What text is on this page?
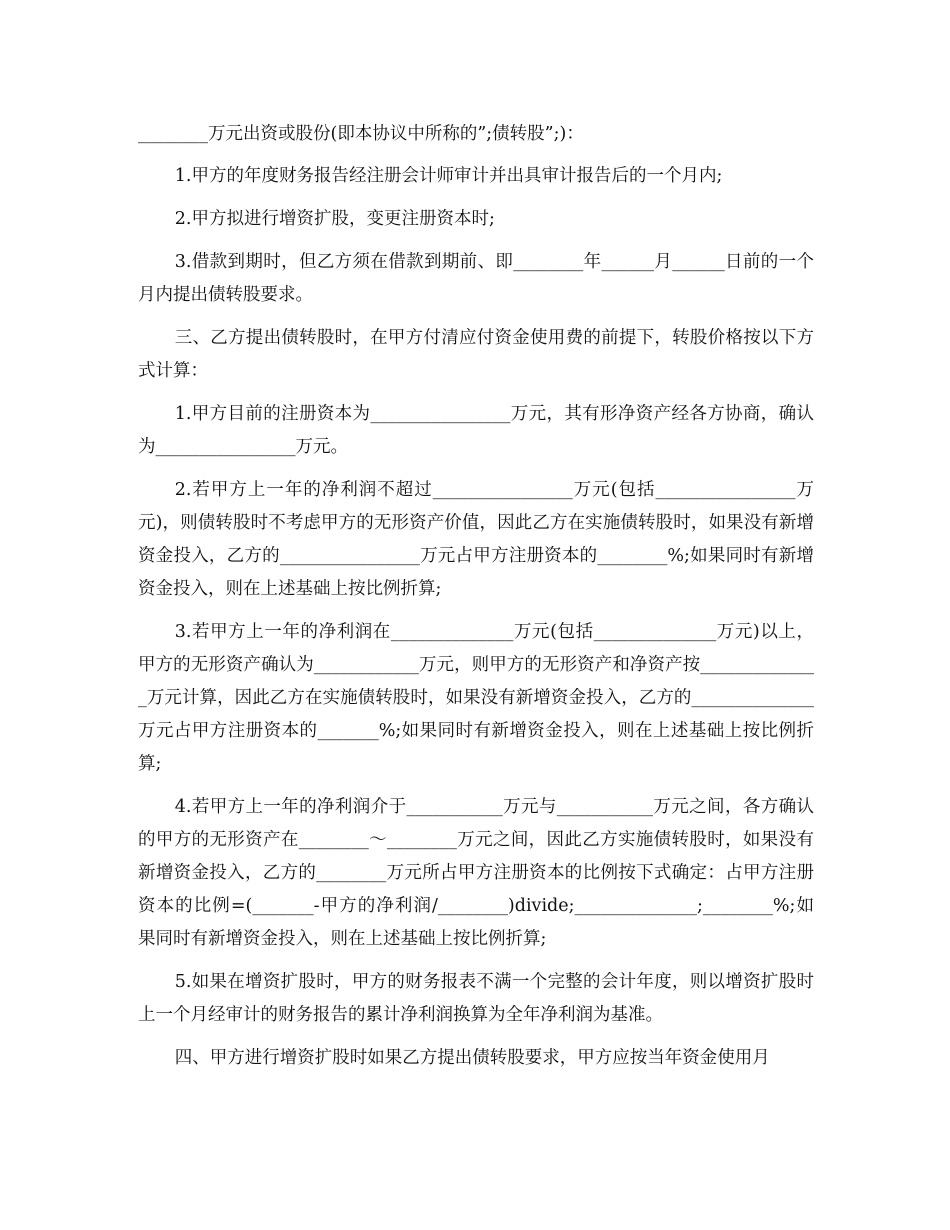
________万元出资或股份(即本协议中所称的”;债转股”;)：

1.甲方的年度财务报告经注册会计师审计并出具审计报告后的一个月内;

2.甲方拟进行增资扩股，变更注册资本时;

3.借款到期时，但乙方须在借款到期前、即________年______月______日前的一个月内提出债转股要求。

三、乙方提出债转股时，在甲方付清应付资金使用费的前提下，转股价格按以下方式计算：

1.甲方目前的注册资本为________________万元，其有形净资产经各方协商，确认为________________万元。

2.若甲方上一年的净利润不超过________________万元(包括________________万元)，则债转股时不考虑甲方的无形资产价值，因此乙方在实施债转股时，如果没有新增资金投入，乙方的________________万元占甲方注册资本的________%;如果同时有新增资金投入，则在上述基础上按比例折算;

3.若甲方上一年的净利润在______________万元(包括______________万元)以上，甲方的无形资产确认为____________万元，则甲方的无形资产和净资产按______________万元计算，因此乙方在实施债转股时，如果没有新增资金投入，乙方的______________万元占甲方注册资本的_______%;如果同时有新增资金投入，则在上述基础上按比例折算;

4.若甲方上一年的净利润介于___________万元与___________万元之间，各方确认的甲方的无形资产在________～________万元之间，因此乙方实施债转股时，如果没有新增资金投入，乙方的________万元所占甲方注册资本的比例按下式确定：占甲方注册资本的比例=(_______-甲方的净利润/________)divide;______________;________%;如果同时有新增资金投入，则在上述基础上按比例折算;

5.如果在增资扩股时，甲方的财务报表不满一个完整的会计年度，则以增资扩股时上一个月经审计的财务报告的累计净利润换算为全年净利润为基准。

四、甲方进行增资扩股时如果乙方提出债转股要求，甲方应按当年资金使用月
